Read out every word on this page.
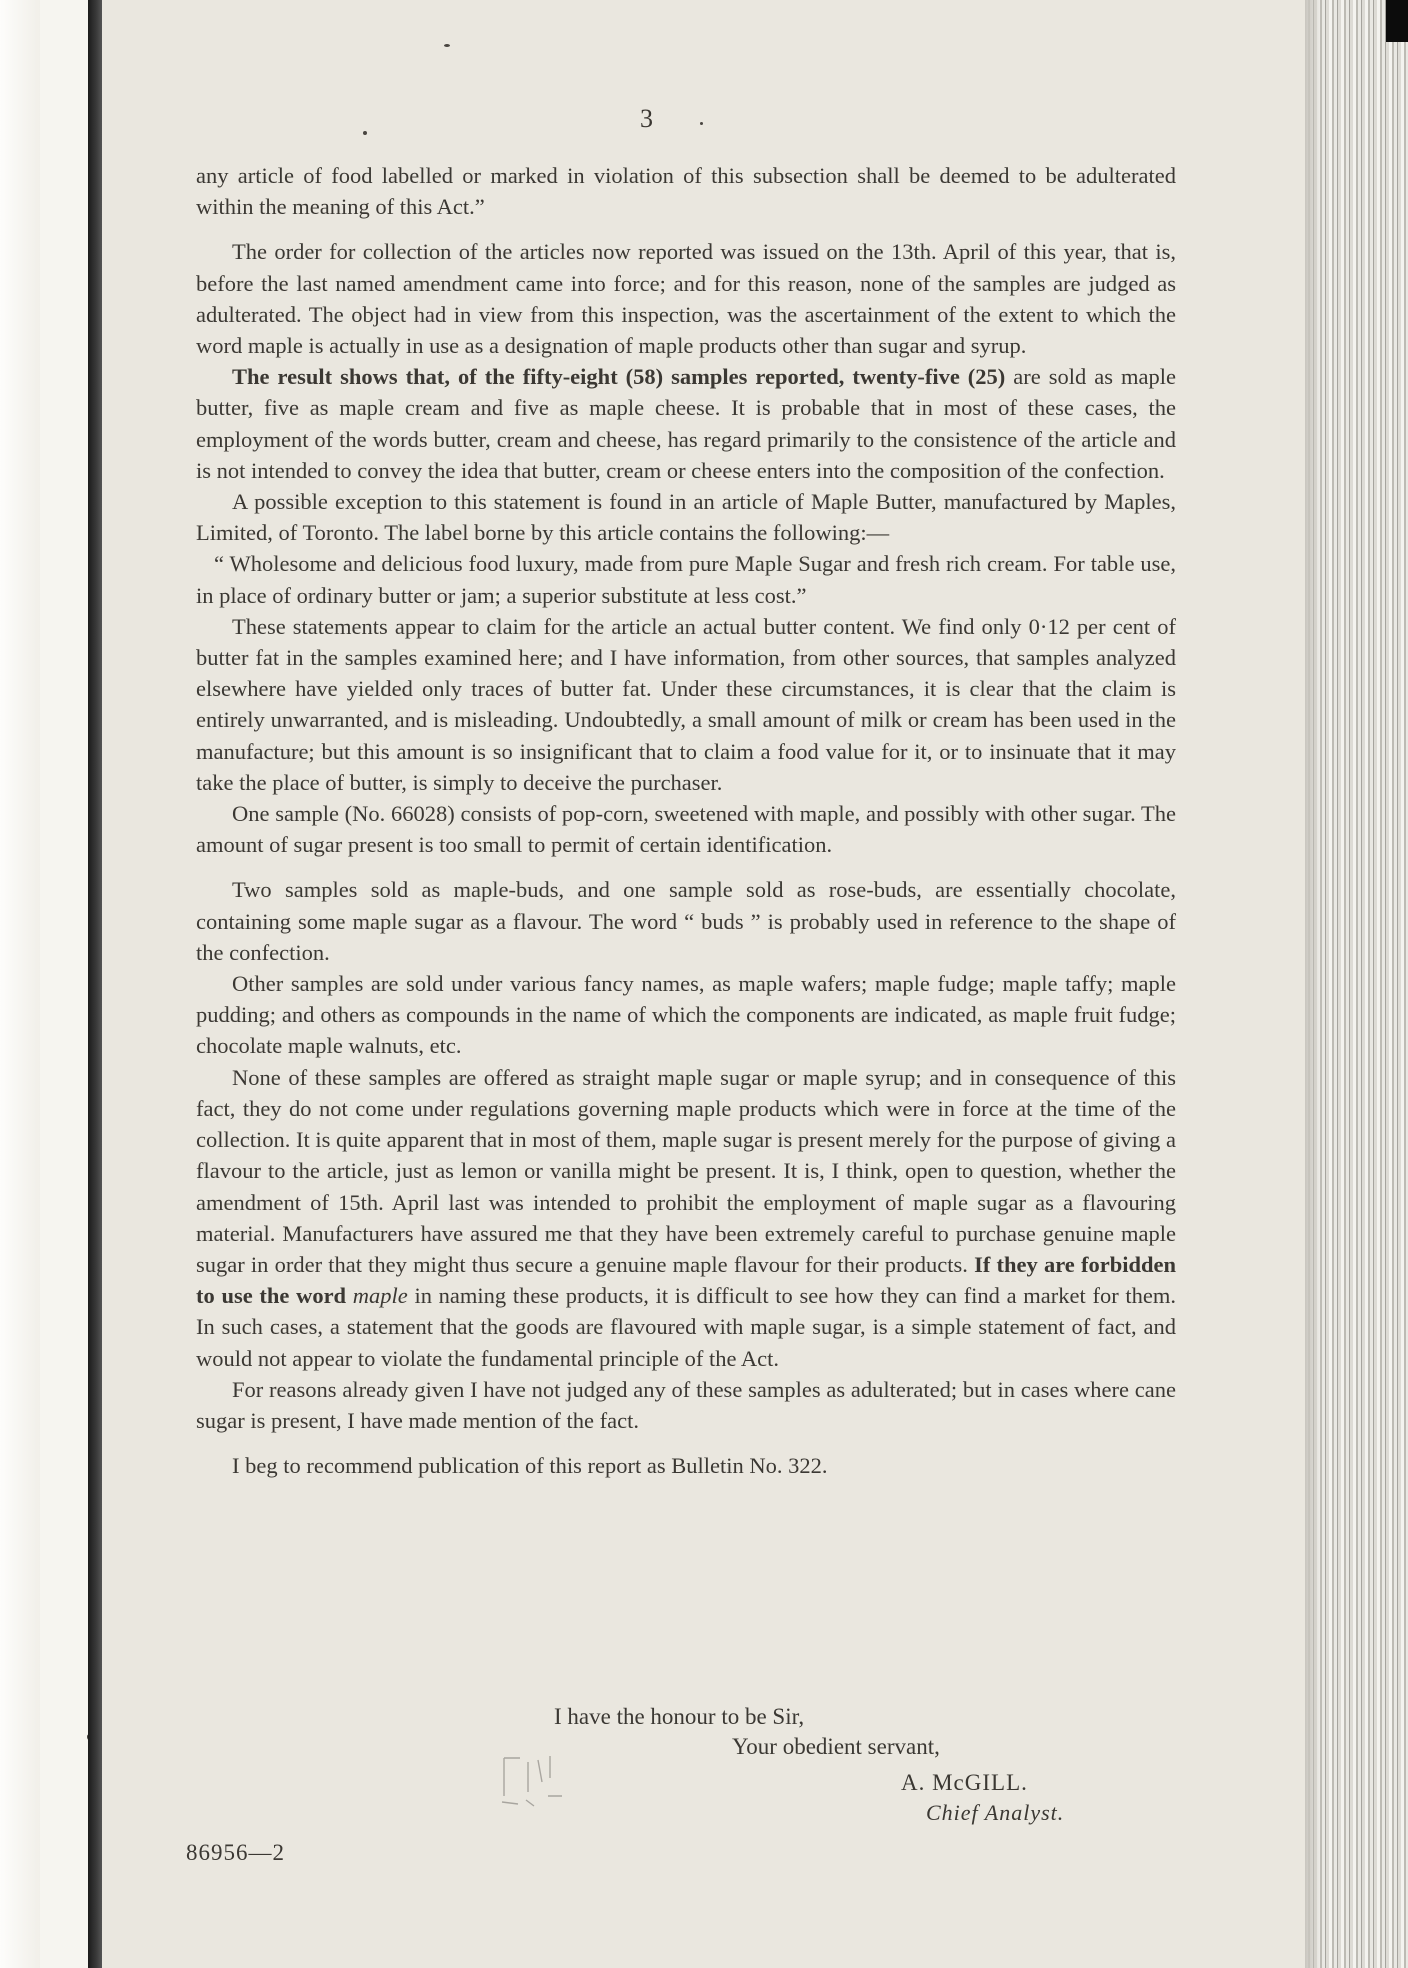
3

any article of food labelled or marked in violation of this subsection shall be deemed to be adulterated within the meaning of this Act.”

The order for collection of the articles now reported was issued on the 13th. April of this year, that is, before the last named amendment came into force; and for this reason, none of the samples are judged as adulterated. The object had in view from this inspection, was the ascertainment of the extent to which the word maple is actually in use as a designation of maple products other than sugar and syrup.

The result shows that, of the fifty-eight (58) samples reported, twenty-five (25) are sold as maple butter, five as maple cream and five as maple cheese. It is probable that in most of these cases, the employment of the words butter, cream and cheese, has regard primarily to the consistence of the article and is not intended to convey the idea that butter, cream or cheese enters into the composition of the confection.

A possible exception to this statement is found in an article of Maple Butter, manufactured by Maples, Limited, of Toronto. The label borne by this article contains the following:—

“ Wholesome and delicious food luxury, made from pure Maple Sugar and fresh rich cream. For table use, in place of ordinary butter or jam; a superior substitute at less cost.”

These statements appear to claim for the article an actual butter content. We find only 0·12 per cent of butter fat in the samples examined here; and I have information, from other sources, that samples analyzed elsewhere have yielded only traces of butter fat. Under these circumstances, it is clear that the claim is entirely unwarranted, and is misleading. Undoubtedly, a small amount of milk or cream has been used in the manufacture; but this amount is so insignificant that to claim a food value for it, or to insinuate that it may take the place of butter, is simply to deceive the purchaser.

One sample (No. 66028) consists of pop-corn, sweetened with maple, and possibly with other sugar. The amount of sugar present is too small to permit of certain identification.

Two samples sold as maple-buds, and one sample sold as rose-buds, are essentially chocolate, containing some maple sugar as a flavour. The word “ buds ” is probably used in reference to the shape of the confection.

Other samples are sold under various fancy names, as maple wafers; maple fudge; maple taffy; maple pudding; and others as compounds in the name of which the components are indicated, as maple fruit fudge; chocolate maple walnuts, etc.

None of these samples are offered as straight maple sugar or maple syrup; and in consequence of this fact, they do not come under regulations governing maple products which were in force at the time of the collection. It is quite apparent that in most of them, maple sugar is present merely for the purpose of giving a flavour to the article, just as lemon or vanilla might be present. It is, I think, open to question, whether the amendment of 15th. April last was intended to prohibit the employment of maple sugar as a flavouring material. Manufacturers have assured me that they have been extremely careful to purchase genuine maple sugar in order that they might thus secure a genuine maple flavour for their products. If they are forbidden to use the word maple in naming these products, it is difficult to see how they can find a market for them. In such cases, a statement that the goods are flavoured with maple sugar, is a simple statement of fact, and would not appear to violate the fundamental principle of the Act.

For reasons already given I have not judged any of these samples as adulterated; but in cases where cane sugar is present, I have made mention of the fact.

I beg to recommend publication of this report as Bulletin No. 322.

I have the honour to be Sir,
Your obedient servant,
A. McGILL.
Chief Analyst.
86956—2
